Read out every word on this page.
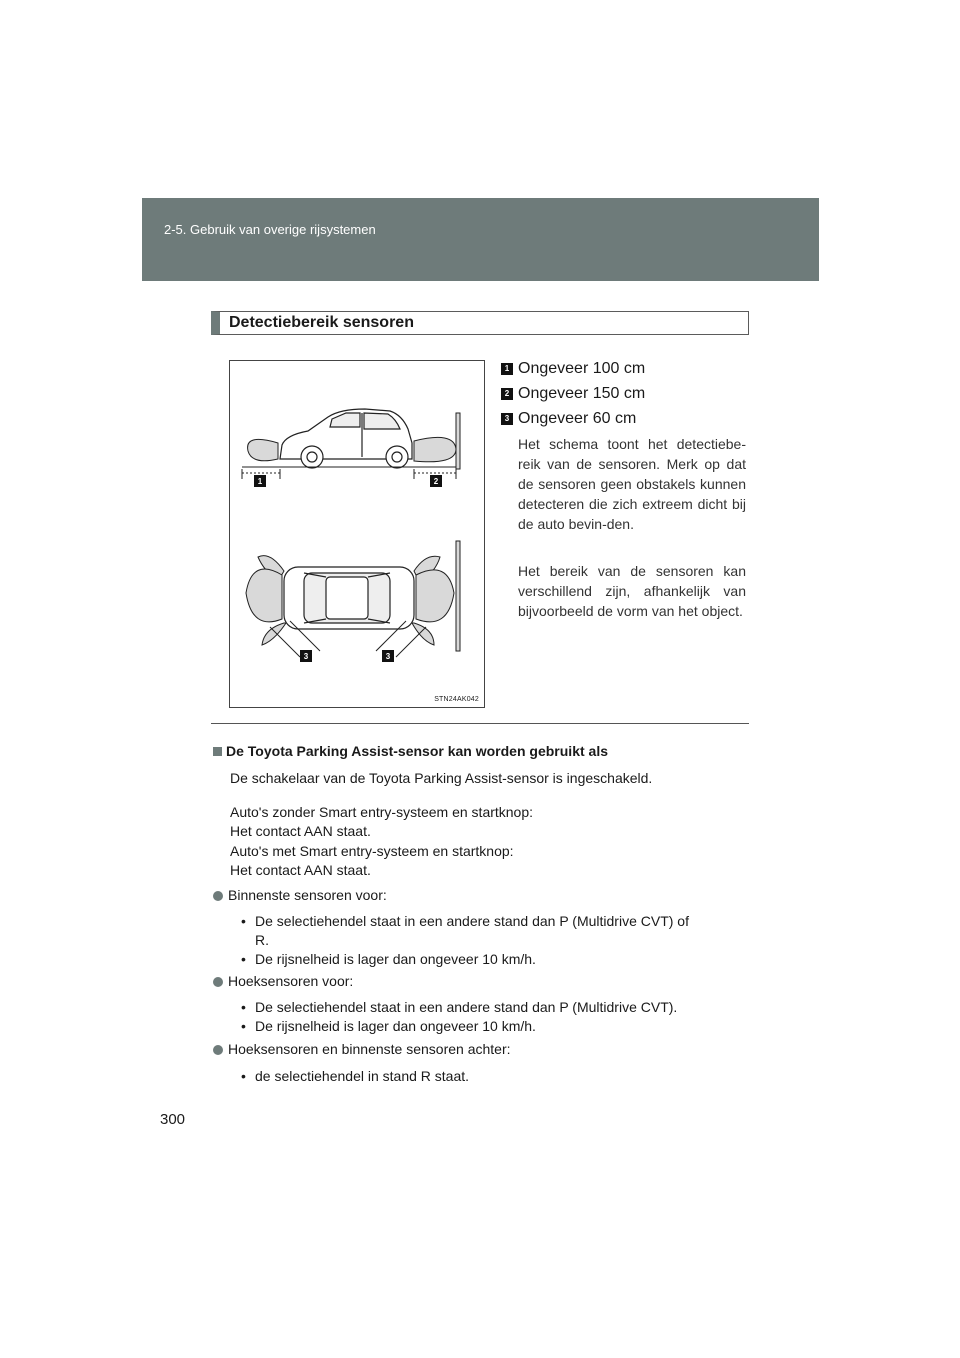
2-5. Gebruik van overige rijsystemen
Detectiebereik sensoren
1	2
3	3
STN24AK042
1 Ongeveer 100 cm
2 Ongeveer 150 cm
3 Ongeveer 60 cm

Het schema toont het detectiebe-reik van de sensoren. Merk op dat de sensoren geen obstakels kunnen detecteren die zich extreem dicht bij de auto bevin-den.

Het bereik van de sensoren kan verschillend zijn, afhankelijk van bijvoorbeeld de vorm van het object.

De Toyota Parking Assist-sensor kan worden gebruikt als
De schakelaar van de Toyota Parking Assist-sensor is ingeschakeld.
Auto's zonder Smart entry-systeem en startknop:
Het contact AAN staat.
Auto's met Smart entry-systeem en startknop:
Het contact AAN staat.
Binnenste sensoren voor:
• De selectiehendel staat in een andere stand dan P (Multidrive CVT) of
R.
• De rijsnelheid is lager dan ongeveer 10 km/h.
Hoeksensoren voor:
• De selectiehendel staat in een andere stand dan P (Multidrive CVT).
• De rijsnelheid is lager dan ongeveer 10 km/h.
Hoeksensoren en binnenste sensoren achter:
• de selectiehendel in stand R staat.
300
